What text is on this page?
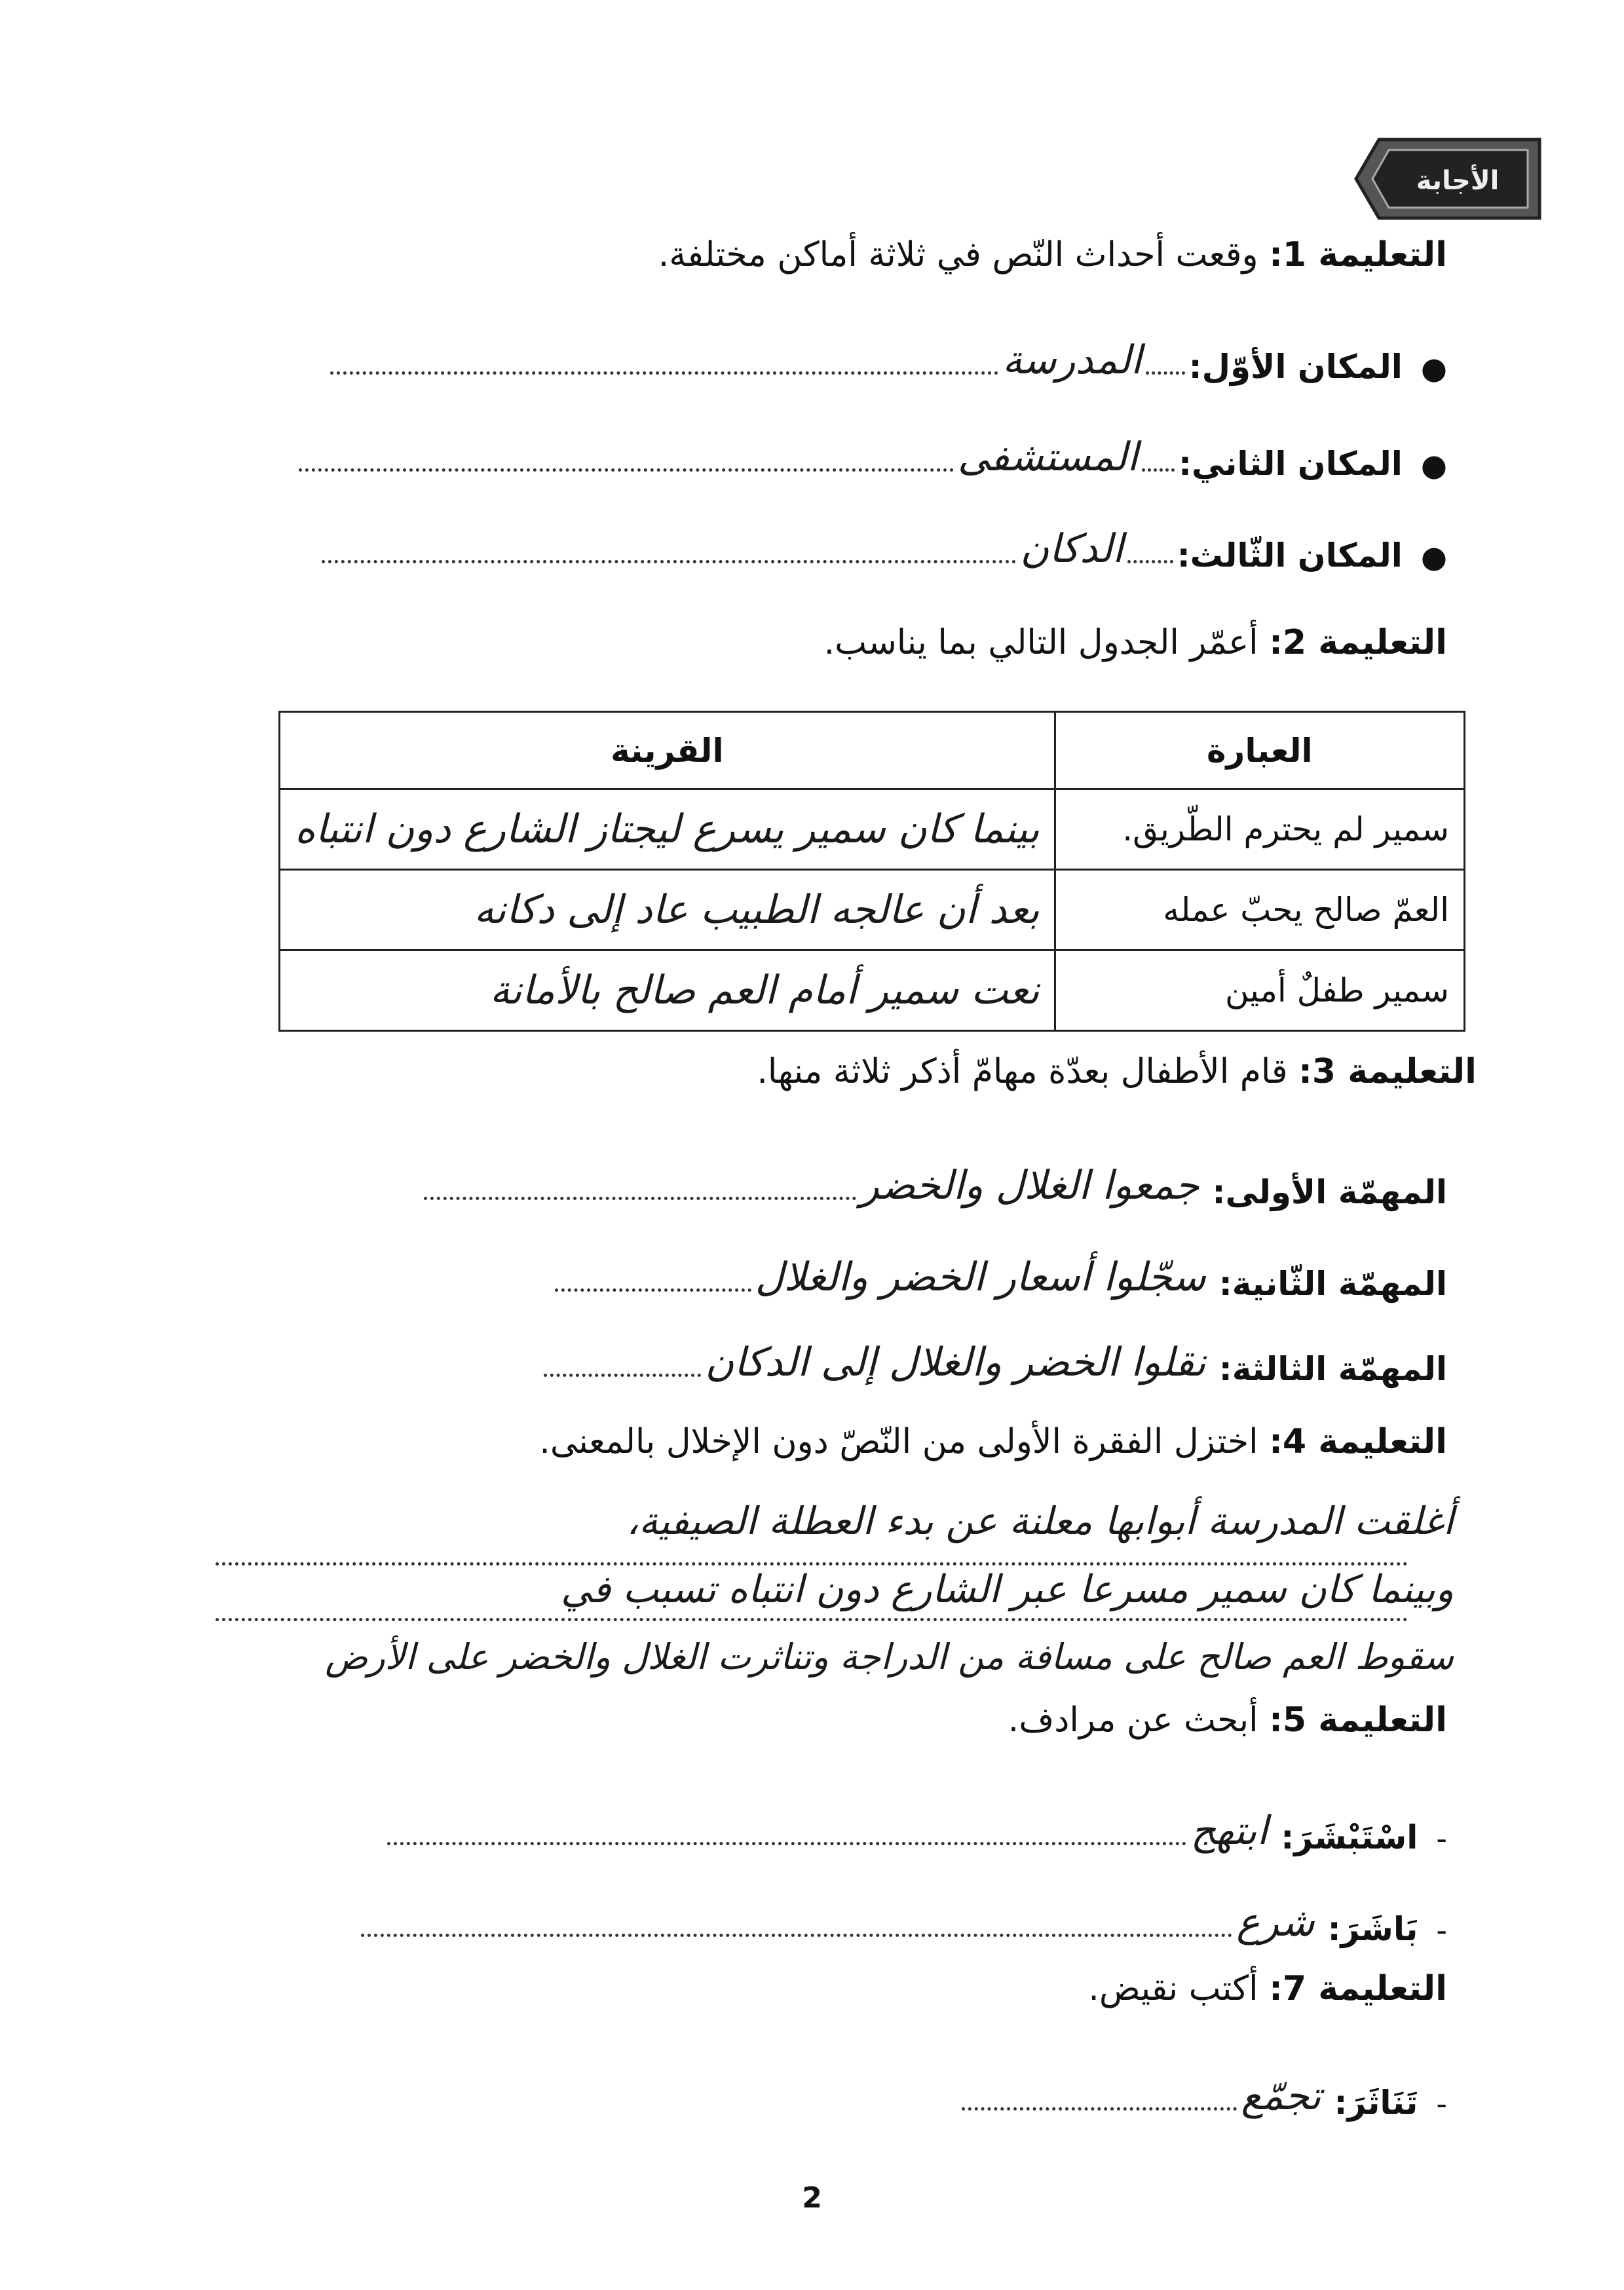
الأجابة
التعليمة 1: وقعت أحداث النّص في ثلاثة أماكن مختلفة.
●
المكان الأوّل:
المدرسة
●
المكان الثاني:
المستشفى
●
المكان الثّالث:
الدكان
التعليمة 2: أعمّر الجدول التالي بما يناسب.
العبارة	القرينة
سمير لم يحترم الطّريق.	بينما كان سمير يسرع ليجتاز الشارع دون انتباه
العمّ صالح يحبّ عمله	بعد أن عالجه الطبيب عاد إلى دكانه
سمير طفلٌ أمين	نعت سمير أمام العم صالح بالأمانة
التعليمة 3: قام الأطفال بعدّة مهامّ أذكر ثلاثة منها.
المهمّة الأولى:
جمعوا الغلال والخضر
المهمّة الثّانية:
سجّلوا أسعار الخضر والغلال
المهمّة الثالثة:
نقلوا الخضر والغلال إلى الدكان
التعليمة 4: اختزل الفقرة الأولى من النّصّ دون الإخلال بالمعنى.
أغلقت المدرسة أبوابها معلنة عن بدء العطلة الصيفية،
وبينما كان سمير مسرعا عبر الشارع دون انتباه تسبب في
سقوط العم صالح على مسافة من الدراجة وتناثرت الغلال والخضر على الأرض
التعليمة 5: أبحث عن مرادف.
-
اسْتَبْشَرَ:
ابتهج
-
بَاشَرَ:
شرع
التعليمة 7: أكتب نقيض.
-
تَنَاثَرَ:
تجمّع
2
